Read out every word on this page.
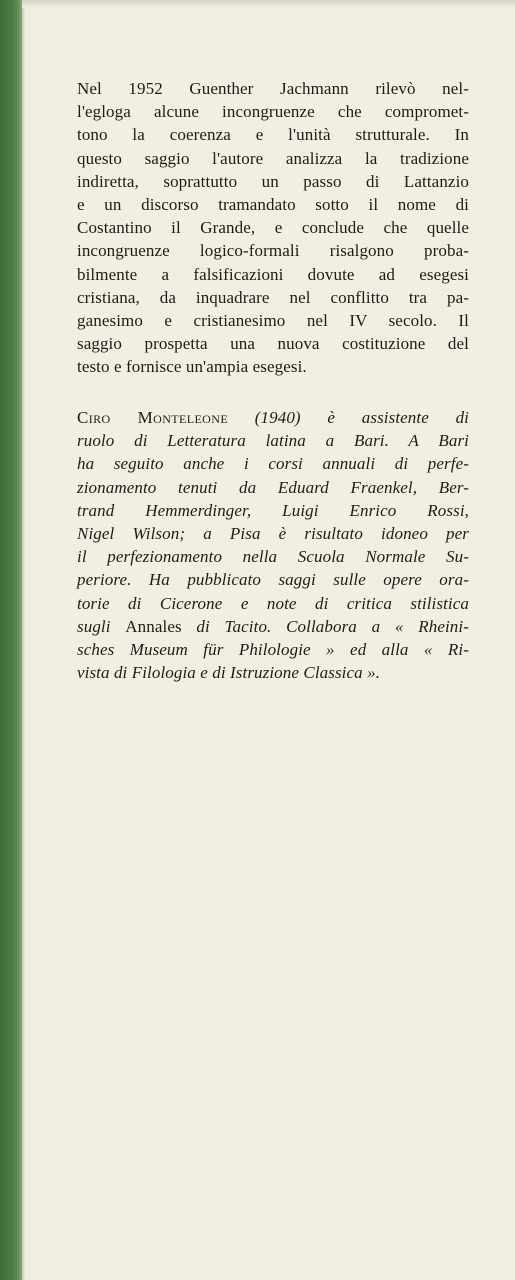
Nel 1952 Guenther Jachmann rilevò nel-
l'egloga alcune incongruenze che compromet-
tono la coerenza e l'unità strutturale. In
questo saggio l'autore analizza la tradizione
indiretta, soprattutto un passo di Lattanzio
e un discorso tramandato sotto il nome di
Costantino il Grande, e conclude che quelle
incongruenze logico-formali risalgono proba-
bilmente a falsificazioni dovute ad esegesi
cristiana, da inquadrare nel conflitto tra pa-
ganesimo e cristianesimo nel IV secolo. Il
saggio prospetta una nuova costituzione del
testo e fornisce un'ampia esegesi.

Ciro Monteleone (1940) è assistente di
ruolo di Letteratura latina a Bari. A Bari
ha seguito anche i corsi annuali di perfe-
zionamento tenuti da Eduard Fraenkel, Ber-
trand Hemmerdinger, Luigi Enrico Rossi,
Nigel Wilson; a Pisa è risultato idoneo per
il perfezionamento nella Scuola Normale Su-
periore. Ha pubblicato saggi sulle opere ora-
torie di Cicerone e note di critica stilistica
sugli Annales di Tacito. Collabora a « Rheini-
sches Museum für Philologie » ed alla « Ri-
vista di Filologia e di Istruzione Classica ».
